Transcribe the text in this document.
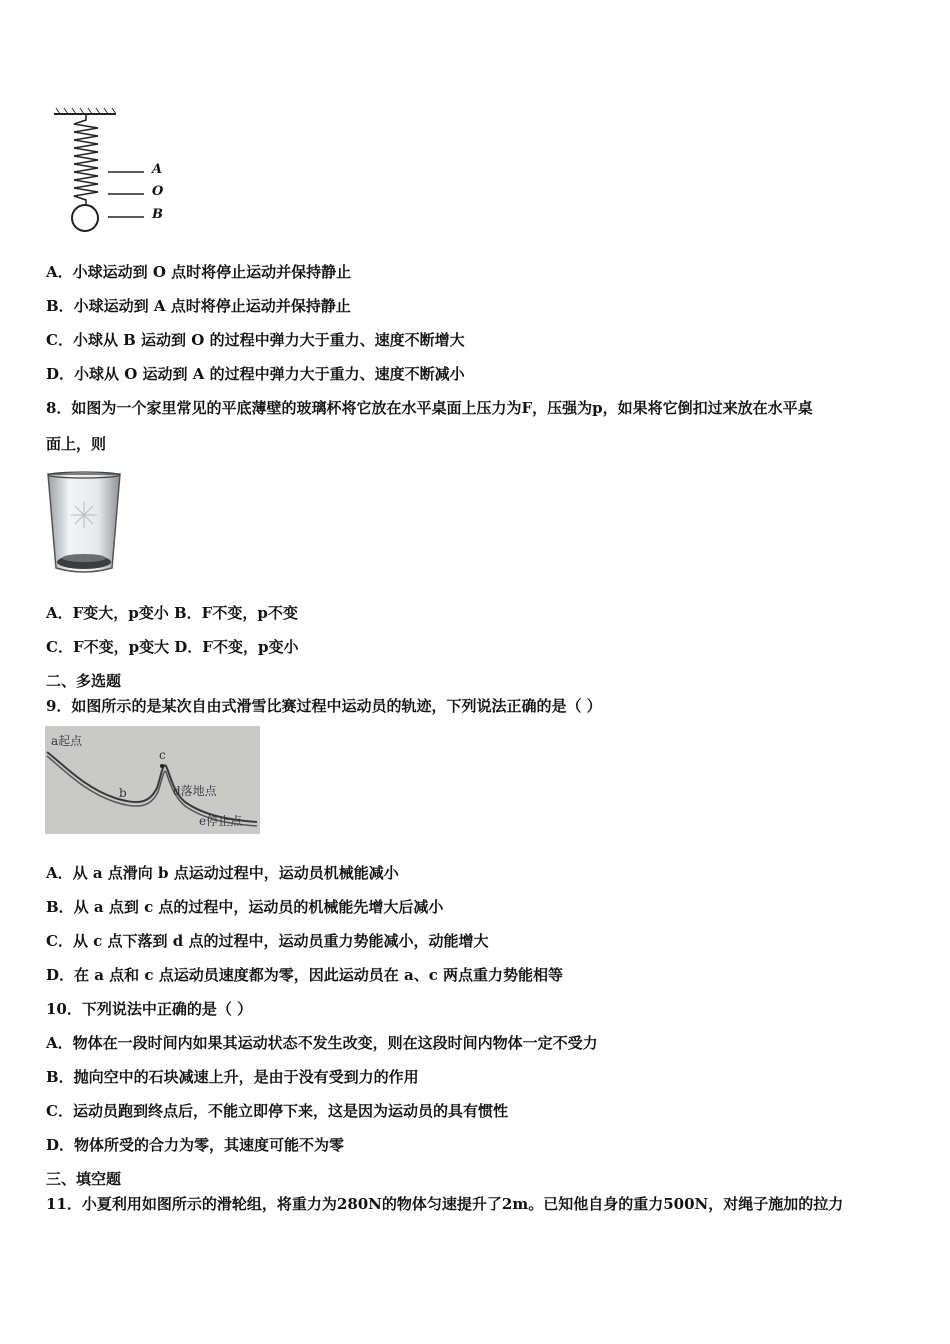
A
O
B
A．小球运动到 O 点时将停止运动并保持静止
B．小球运动到 A 点时将停止运动并保持静止
C．小球从 B 运动到 O 的过程中弹力大于重力、速度不断增大
D．小球从 O 运动到 A 的过程中弹力大于重力、速度不断减小
8．如图为一个家里常见的平底薄壁的玻璃杯将它放在水平桌面上压力为F，压强为p，如果将它倒扣过来放在水平桌
面上，则
A．F变大，p变小 B．F不变，p不变
C．F不变，p变大 D．F不变，p变小
二、多选题
9．如图所示的是某次自由式滑雪比赛过程中运动员的轨迹，下列说法正确的是（ ）
a起点
b
c
d落地点
e停止点
A．从 a 点滑向 b 点运动过程中，运动员机械能减小
B．从 a 点到 c 点的过程中，运动员的机械能先增大后减小
C．从 c 点下落到 d 点的过程中，运动员重力势能减小，动能增大
D．在 a 点和 c 点运动员速度都为零，因此运动员在 a、c 两点重力势能相等
10．下列说法中正确的是（ ）
A．物体在一段时间内如果其运动状态不发生改变，则在这段时间内物体一定不受力
B．抛向空中的石块减速上升，是由于没有受到力的作用
C．运动员跑到终点后，不能立即停下来，这是因为运动员的具有惯性
D．物体所受的合力为零，其速度可能不为零
三、填空题
11．小夏利用如图所示的滑轮组，将重力为280N的物体匀速提升了2m。已知他自身的重力500N，对绳子施加的拉力
